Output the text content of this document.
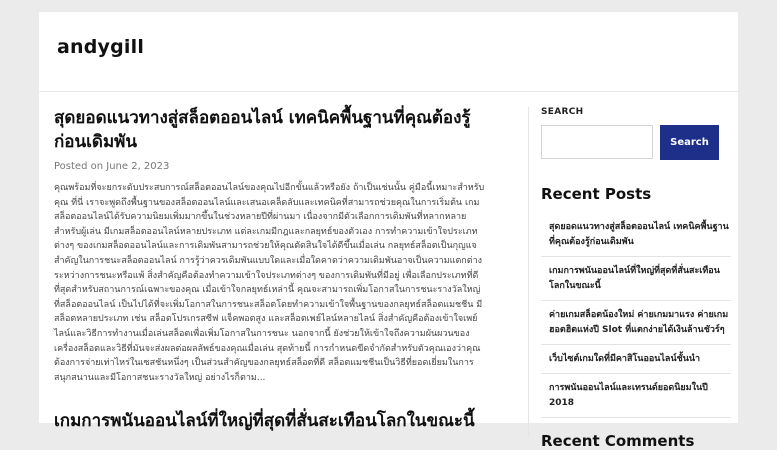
andygill
สุดยอดแนวทางสู่สล็อตออนไลน์ เทคนิคพื้นฐานที่คุณต้องรู้ก่อนเดิมพัน
Posted on June 2, 2023
คุณพร้อมที่จะยกระดับประสบการณ์สล็อตออนไลน์ของคุณไปอีกขั้นแล้วหรือยัง ถ้าเป็นเช่นนั้น คู่มือนี้เหมาะสำหรับคุณ ที่นี่ เราจะพูดถึงพื้นฐานของสล็อตออนไลน์และเสนอเคล็ดลับและเทคนิคที่สามารถช่วยคุณในการเริ่มต้น เกมสล็อตออนไลน์ได้รับความนิยมเพิ่มมากขึ้นในช่วงหลายปีที่ผ่านมา เนื่องจากมีตัวเลือกการเดิมพันที่หลากหลายสำหรับผู้เล่น มีเกมสล็อตออนไลน์หลายประเภท แต่ละเกมมีกฎและกลยุทธ์ของตัวเอง การทำความเข้าใจประเภทต่างๆ ของเกมสล็อตออนไลน์และการเดิมพันสามารถช่วยให้คุณตัดสินใจได้ดีขึ้นเมื่อเล่น กลยุทธ์สล็อตเป็นกุญแจสำคัญในการชนะสล็อตออนไลน์ การรู้ว่าควรเดิมพันแบบใดและเมื่อใดคาดว่าความเดิมพันอาจเป็นความแตกต่างระหว่างการชนะหรือแพ้ สิ่งสำคัญคือต้องทำความเข้าใจประเภทต่างๆ ของการเดิมพันที่มีอยู่ เพื่อเลือกประเภทที่ดีที่สุดสำหรับสถานการณ์เฉพาะของคุณ เมื่อเข้าใจกลยุทธ์เหล่านี้ คุณจะสามารถเพิ่มโอกาสในการชนะรางวัลใหญ่ที่สล็อตออนไลน์ เป็นไปได้ที่จะเพิ่มโอกาสในการชนะสล็อตโดยทำความเข้าใจพื้นฐานของกลยุทธ์สล็อตแมชชีน มีสล็อตหลายประเภท เช่น สล็อตโปรเกรสซีฟ แจ็คพอตสูง และสล็อตเพย์ไลน์หลายไลน์ สิ่งสำคัญคือต้องเข้าใจเพย์ไลน์และวิธีการทำงานเมื่อเล่นสล็อตเพื่อเพิ่มโอกาสในการชนะ นอกจากนี้ ยังช่วยให้เข้าใจถึงความผันผวนของเครื่องสล็อตและวิธีที่มันจะส่งผลต่อผลลัพธ์ของคุณเมื่อเล่น สุดท้ายนี้ การกำหนดขีดจำกัดสำหรับตัวคุณเองว่าคุณต้องการจ่ายเท่าไหร่ในเซสชันหนึ่งๆ เป็นส่วนสำคัญของกลยุทธ์สล็อตที่ดี สล็อตแมชชีนเป็นวิธีที่ยอดเยี่ยมในการสนุกสนานและมีโอกาสชนะรางวัลใหญ่ อย่างไรก็ตาม...
เกมการพนันออนไลน์ที่ใหญ่ที่สุดที่สั่นสะเทือนโลกในขณะนี้
SEARCH
Search
Recent Posts
สุดยอดแนวทางสู่สล็อตออนไลน์ เทคนิคพื้นฐานที่คุณต้องรู้ก่อนเดิมพัน
เกมการพนันออนไลน์ที่ใหญ่ที่สุดที่สั่นสะเทือนโลกในขณะนี้
ค่ายเกมสล็อตน้องใหม่ ค่ายเกมมาแรง ค่ายเกมฮอตฮิตแห่งปี Slot ที่แตกง่ายได้เงินล้านชัวร์ๆ
เว็บไซต์เกมใดที่มีคาสิโนออนไลน์ชั้นนำ
การพนันออนไลน์และเทรนด์ยอดนิยมในปี 2018
Recent Comments
